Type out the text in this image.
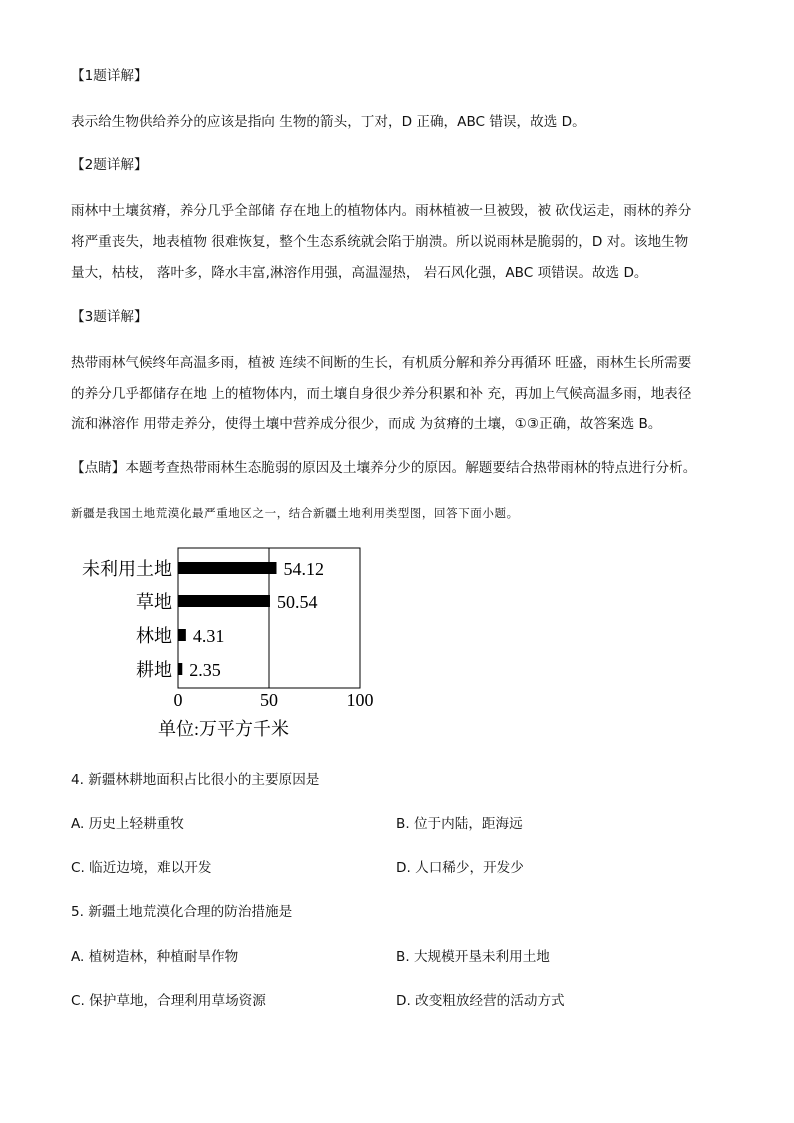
【1题详解】
表示给生物供给养分的应该是指向 生物的箭头，丁对，D 正确，ABC 错误，故选 D。
【2题详解】
雨林中土壤贫瘠，养分几乎全部储 存在地上的植物体内。雨林植被一旦被毁，被 砍伐运走，雨林的养分
将严重丧失，地表植物 很难恢复，整个生态系统就会陷于崩溃。所以说雨林是脆弱的，D 对。该地生物
量大，枯枝， 落叶多，降水丰富,淋溶作用强，高温湿热， 岩石风化强，ABC 项错误。故选 D。
【3题详解】
热带雨林气候终年高温多雨，植被 连续不间断的生长，有机质分解和养分再循环 旺盛，雨林生长所需要
的养分几乎都储存在地 上的植物体内，而土壤自身很少养分积累和补 充，再加上气候高温多雨，地表径
流和淋溶作 用带走养分，使得土壤中营养成分很少，而成 为贫瘠的土壤，①③正确，故答案选 B。
【点睛】本题考查热带雨林生态脆弱的原因及土壤养分少的原因。解题要结合热带雨林的特点进行分析。
新疆是我国土地荒漠化最严重地区之一，结合新疆土地利用类型图，回答下面小题。
未利用土地
草地
林地
耕地
54.12
50.54
4.31
2.35
0	50	100
单位:万平方千米
4. 新疆林耕地面积占比很小的主要原因是
A. 历史上轻耕重牧	B. 位于内陆，距海远
C. 临近边境，难以开发	D. 人口稀少，开发少
5. 新疆土地荒漠化合理的防治措施是
A. 植树造林，种植耐旱作物	B. 大规模开垦未利用土地
C. 保护草地，合理利用草场资源	D. 改变粗放经营的活动方式
